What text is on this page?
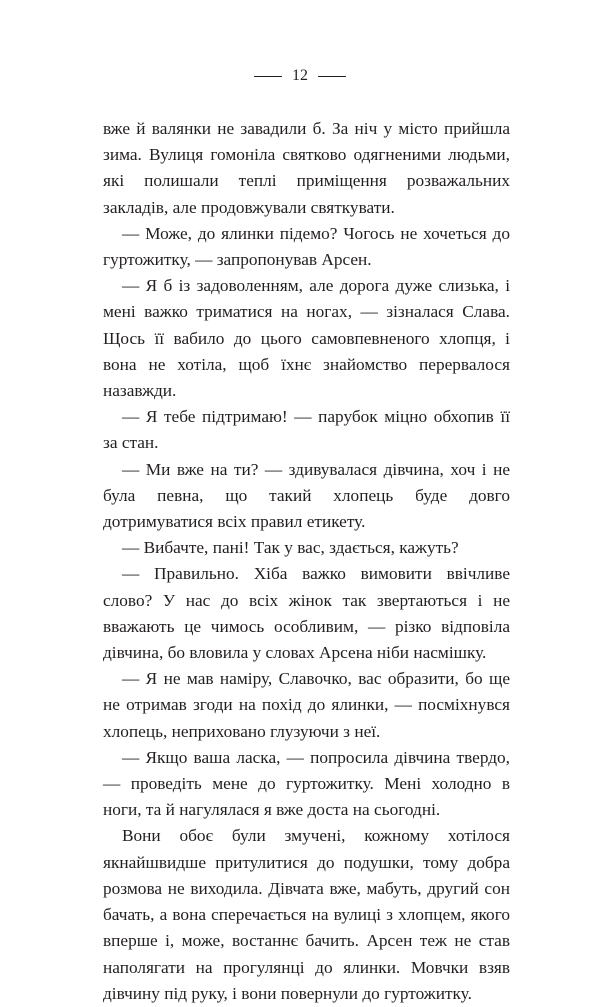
12

вже й валянки не завадили б. За ніч у місто прийшла зима. Вулиця гомоніла святково одягненими людьми, які полишали теплі приміщення розважальних закладів, але продовжували святкувати.

— Може, до ялинки підемо? Чогось не хочеться до гуртожитку, — запропонував Арсен.

— Я б із задоволенням, але дорога дуже слизька, і мені важко триматися на ногах, — зізналася Слава. Щось її вабило до цього самовпевненого хлопця, і вона не хотіла, щоб їхнє знайомство перервалося назавжди.

— Я тебе підтримаю! — парубок міцно обхопив її за стан.

— Ми вже на ти? — здивувалася дівчина, хоч і не була певна, що такий хлопець буде довго дотримуватися всіх правил етикету.

— Вибачте, пані! Так у вас, здається, кажуть?

— Правильно. Хіба важко вимовити ввічливе слово? У нас до всіх жінок так звертаються і не вважають це чимось особливим, — різко відповіла дівчина, бо вловила у словах Арсена ніби насмішку.

— Я не мав наміру, Славочко, вас образити, бо ще не отримав згоди на похід до ялинки, — посміхнувся хлопець, неприховано глузуючи з неї.

— Якщо ваша ласка, — попросила дівчина твердо, — проведіть мене до гуртожитку. Мені холодно в ноги, та й нагулялася я вже доста на сьогодні.

Вони обоє були змучені, кожному хотілося якнайшвидше притулитися до подушки, тому добра розмова не виходила. Дівчата вже, мабуть, другий сон бачать, а вона сперечається на вулиці з хлопцем, якого вперше і, може, востаннє бачить. Арсен теж не став наполягати на прогулянці до ялинки. Мовчки взяв дівчину під руку, і вони повернули до гуртожитку.
